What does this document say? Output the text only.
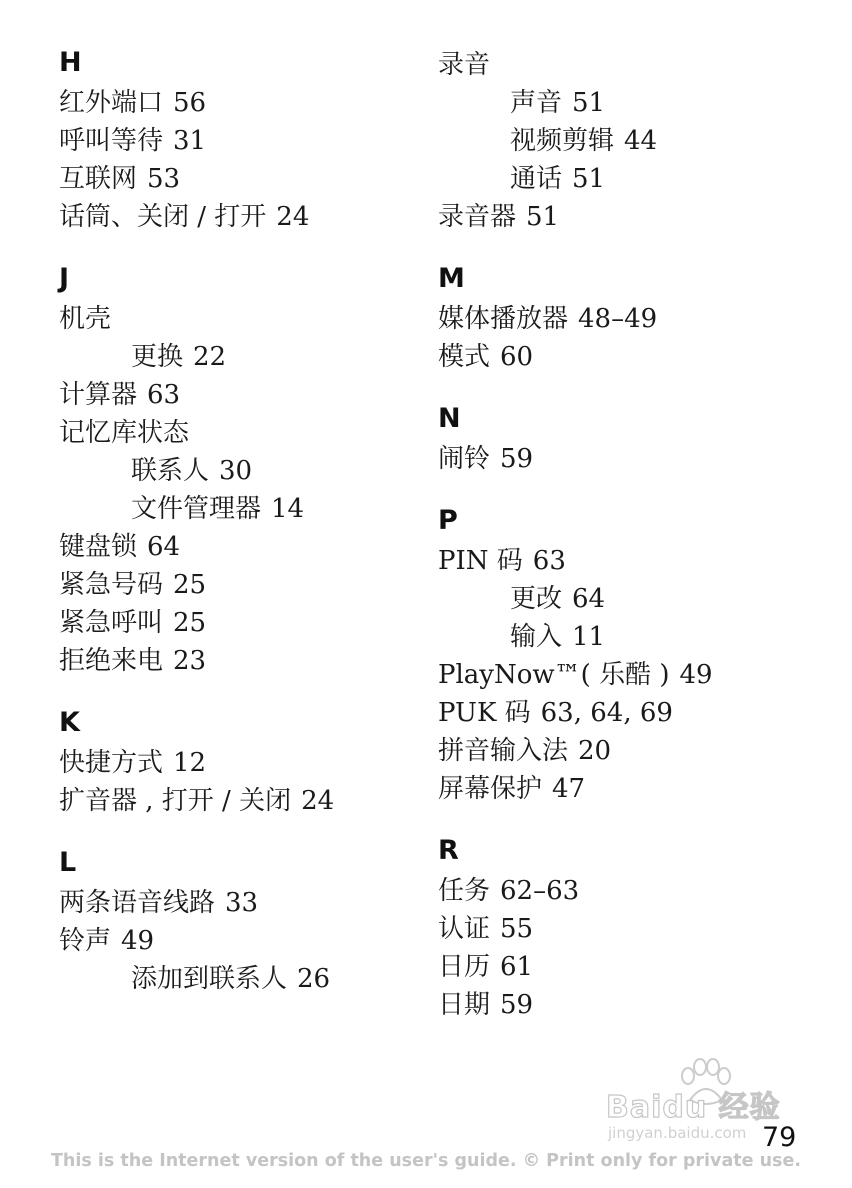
H
红外端口 56
呼叫等待 31
互联网 53
话筒、关闭 / 打开 24
J
机壳
更换 22
计算器 63
记忆库状态
联系人 30
文件管理器 14
键盘锁 64
紧急号码 25
紧急呼叫 25
拒绝来电 23
K
快捷方式 12
扩音器 , 打开 / 关闭 24
L
两条语音线路 33
铃声 49
添加到联系人 26
录音
声音 51
视频剪辑 44
通话 51
录音器 51
M
媒体播放器 48–49
模式 60
N
闹铃 59
P
PIN 码 63
更改 64
输入 11
PlayNow™( 乐酷 ) 49
PUK 码 63, 64, 69
拼音输入法 20
屏幕保护 47
R
任务 62–63
认证 55
日历 61
日期 59
Baidu 经验
jingyan.baidu.com 79
This is the Internet version of the user's guide. © Print only for private use.
